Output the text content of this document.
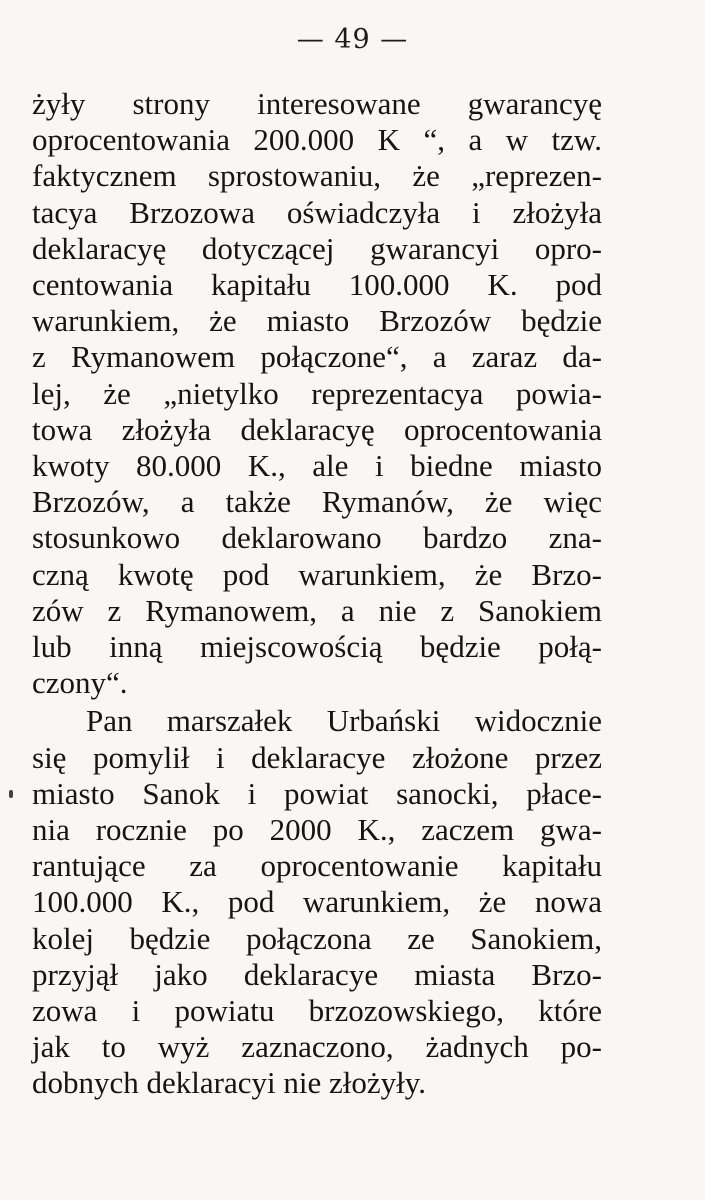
— 49 —
żyły strony interesowane gwarancyę
oprocentowania 200.000 K “, a w tzw.
faktycznem sprostowaniu, że „reprezen-
tacya Brzozowa oświadczyła i złożyła
deklaracyę dotyczącej gwarancyi opro-
centowania kapitału 100.000 K. pod
warunkiem, że miasto Brzozów będzie
z Rymanowem połączone“, a zaraz da-
lej, że „nietylko reprezentacya powia-
towa złożyła deklaracyę oprocentowania
kwoty 80.000 K., ale i biedne miasto
Brzozów, a także Rymanów, że więc
stosunkowo deklarowano bardzo zna-
czną kwotę pod warunkiem, że Brzo-
zów z Rymanowem, a nie z Sanokiem
lub inną miejscowością będzie połą-
czony“.
Pan marszałek Urbański widocznie
się pomylił i deklaracye złożone przez
miasto Sanok i powiat sanocki, płace-
nia rocznie po 2000 K., zaczem gwa-
rantujące za oprocentowanie kapitału
100.000 K., pod warunkiem, że nowa
kolej będzie połączona ze Sanokiem,
przyjął jako deklaracye miasta Brzo-
zowa i powiatu brzozowskiego, które
jak to wyż zaznaczono, żadnych po-
dobnych deklaracyi nie złożyły.
